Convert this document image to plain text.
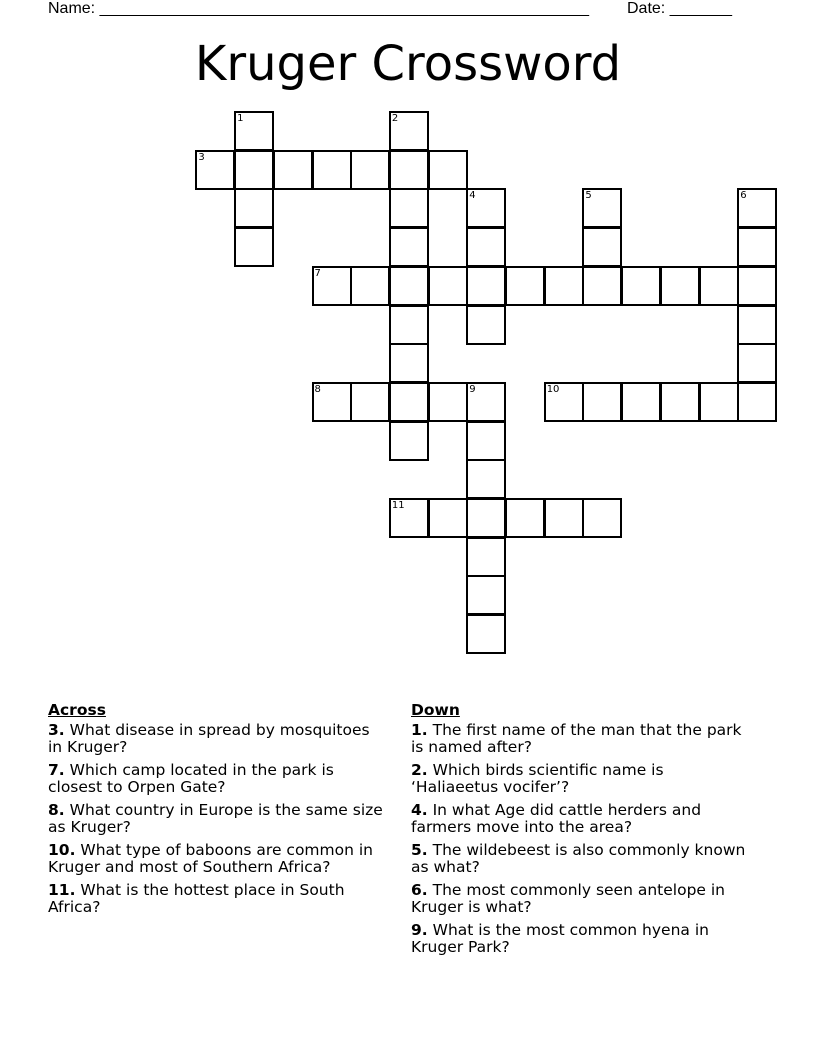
Name: _______________________________________________________ Date: _______
Kruger Crossword
1	2
3
4	5	6
7
8	9	10
11
Across
3. What disease in spread by mosquitoes in Kruger?
7. Which camp located in the park is closest to Orpen Gate?
8. What country in Europe is the same size as Kruger?
10. What type of baboons are common in Kruger and most of Southern Africa?
11. What is the hottest place in South Africa?
Down
1. The first name of the man that the park is named after?
2. Which birds scientific name is ‘Haliaeetus vocifer’?
4. In what Age did cattle herders and farmers move into the area?
5. The wildebeest is also commonly known as what?
6. The most commonly seen antelope in Kruger is what?
9. What is the most common hyena in Kruger Park?
